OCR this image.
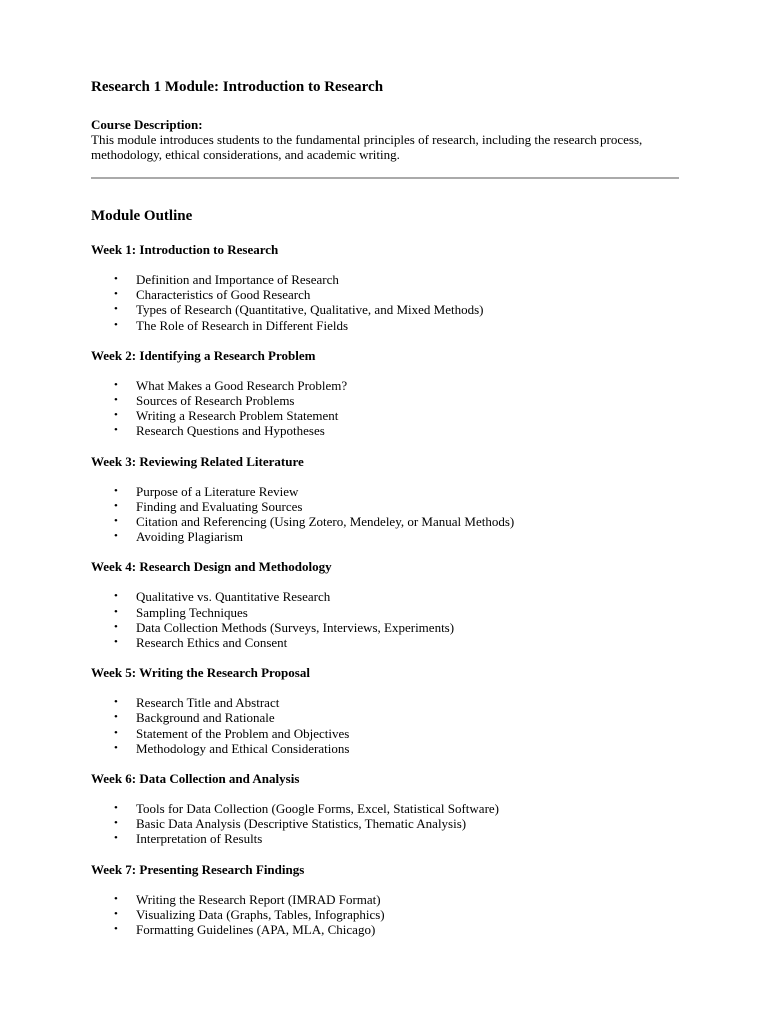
Research 1 Module: Introduction to Research
Course Description:

This module introduces students to the fundamental principles of research, including the research process, methodology, ethical considerations, and academic writing.

Module Outline
Week 1: Introduction to Research
• Definition and Importance of Research
• Characteristics of Good Research
• Types of Research (Quantitative, Qualitative, and Mixed Methods)
• The Role of Research in Different Fields
Week 2: Identifying a Research Problem
• What Makes a Good Research Problem?
• Sources of Research Problems
• Writing a Research Problem Statement
• Research Questions and Hypotheses
Week 3: Reviewing Related Literature
• Purpose of a Literature Review
• Finding and Evaluating Sources
• Citation and Referencing (Using Zotero, Mendeley, or Manual Methods)
• Avoiding Plagiarism
Week 4: Research Design and Methodology
• Qualitative vs. Quantitative Research
• Sampling Techniques
• Data Collection Methods (Surveys, Interviews, Experiments)
• Research Ethics and Consent
Week 5: Writing the Research Proposal
• Research Title and Abstract
• Background and Rationale
• Statement of the Problem and Objectives
• Methodology and Ethical Considerations
Week 6: Data Collection and Analysis
• Tools for Data Collection (Google Forms, Excel, Statistical Software)
• Basic Data Analysis (Descriptive Statistics, Thematic Analysis)
• Interpretation of Results
Week 7: Presenting Research Findings
• Writing the Research Report (IMRAD Format)
• Visualizing Data (Graphs, Tables, Infographics)
• Formatting Guidelines (APA, MLA, Chicago)
